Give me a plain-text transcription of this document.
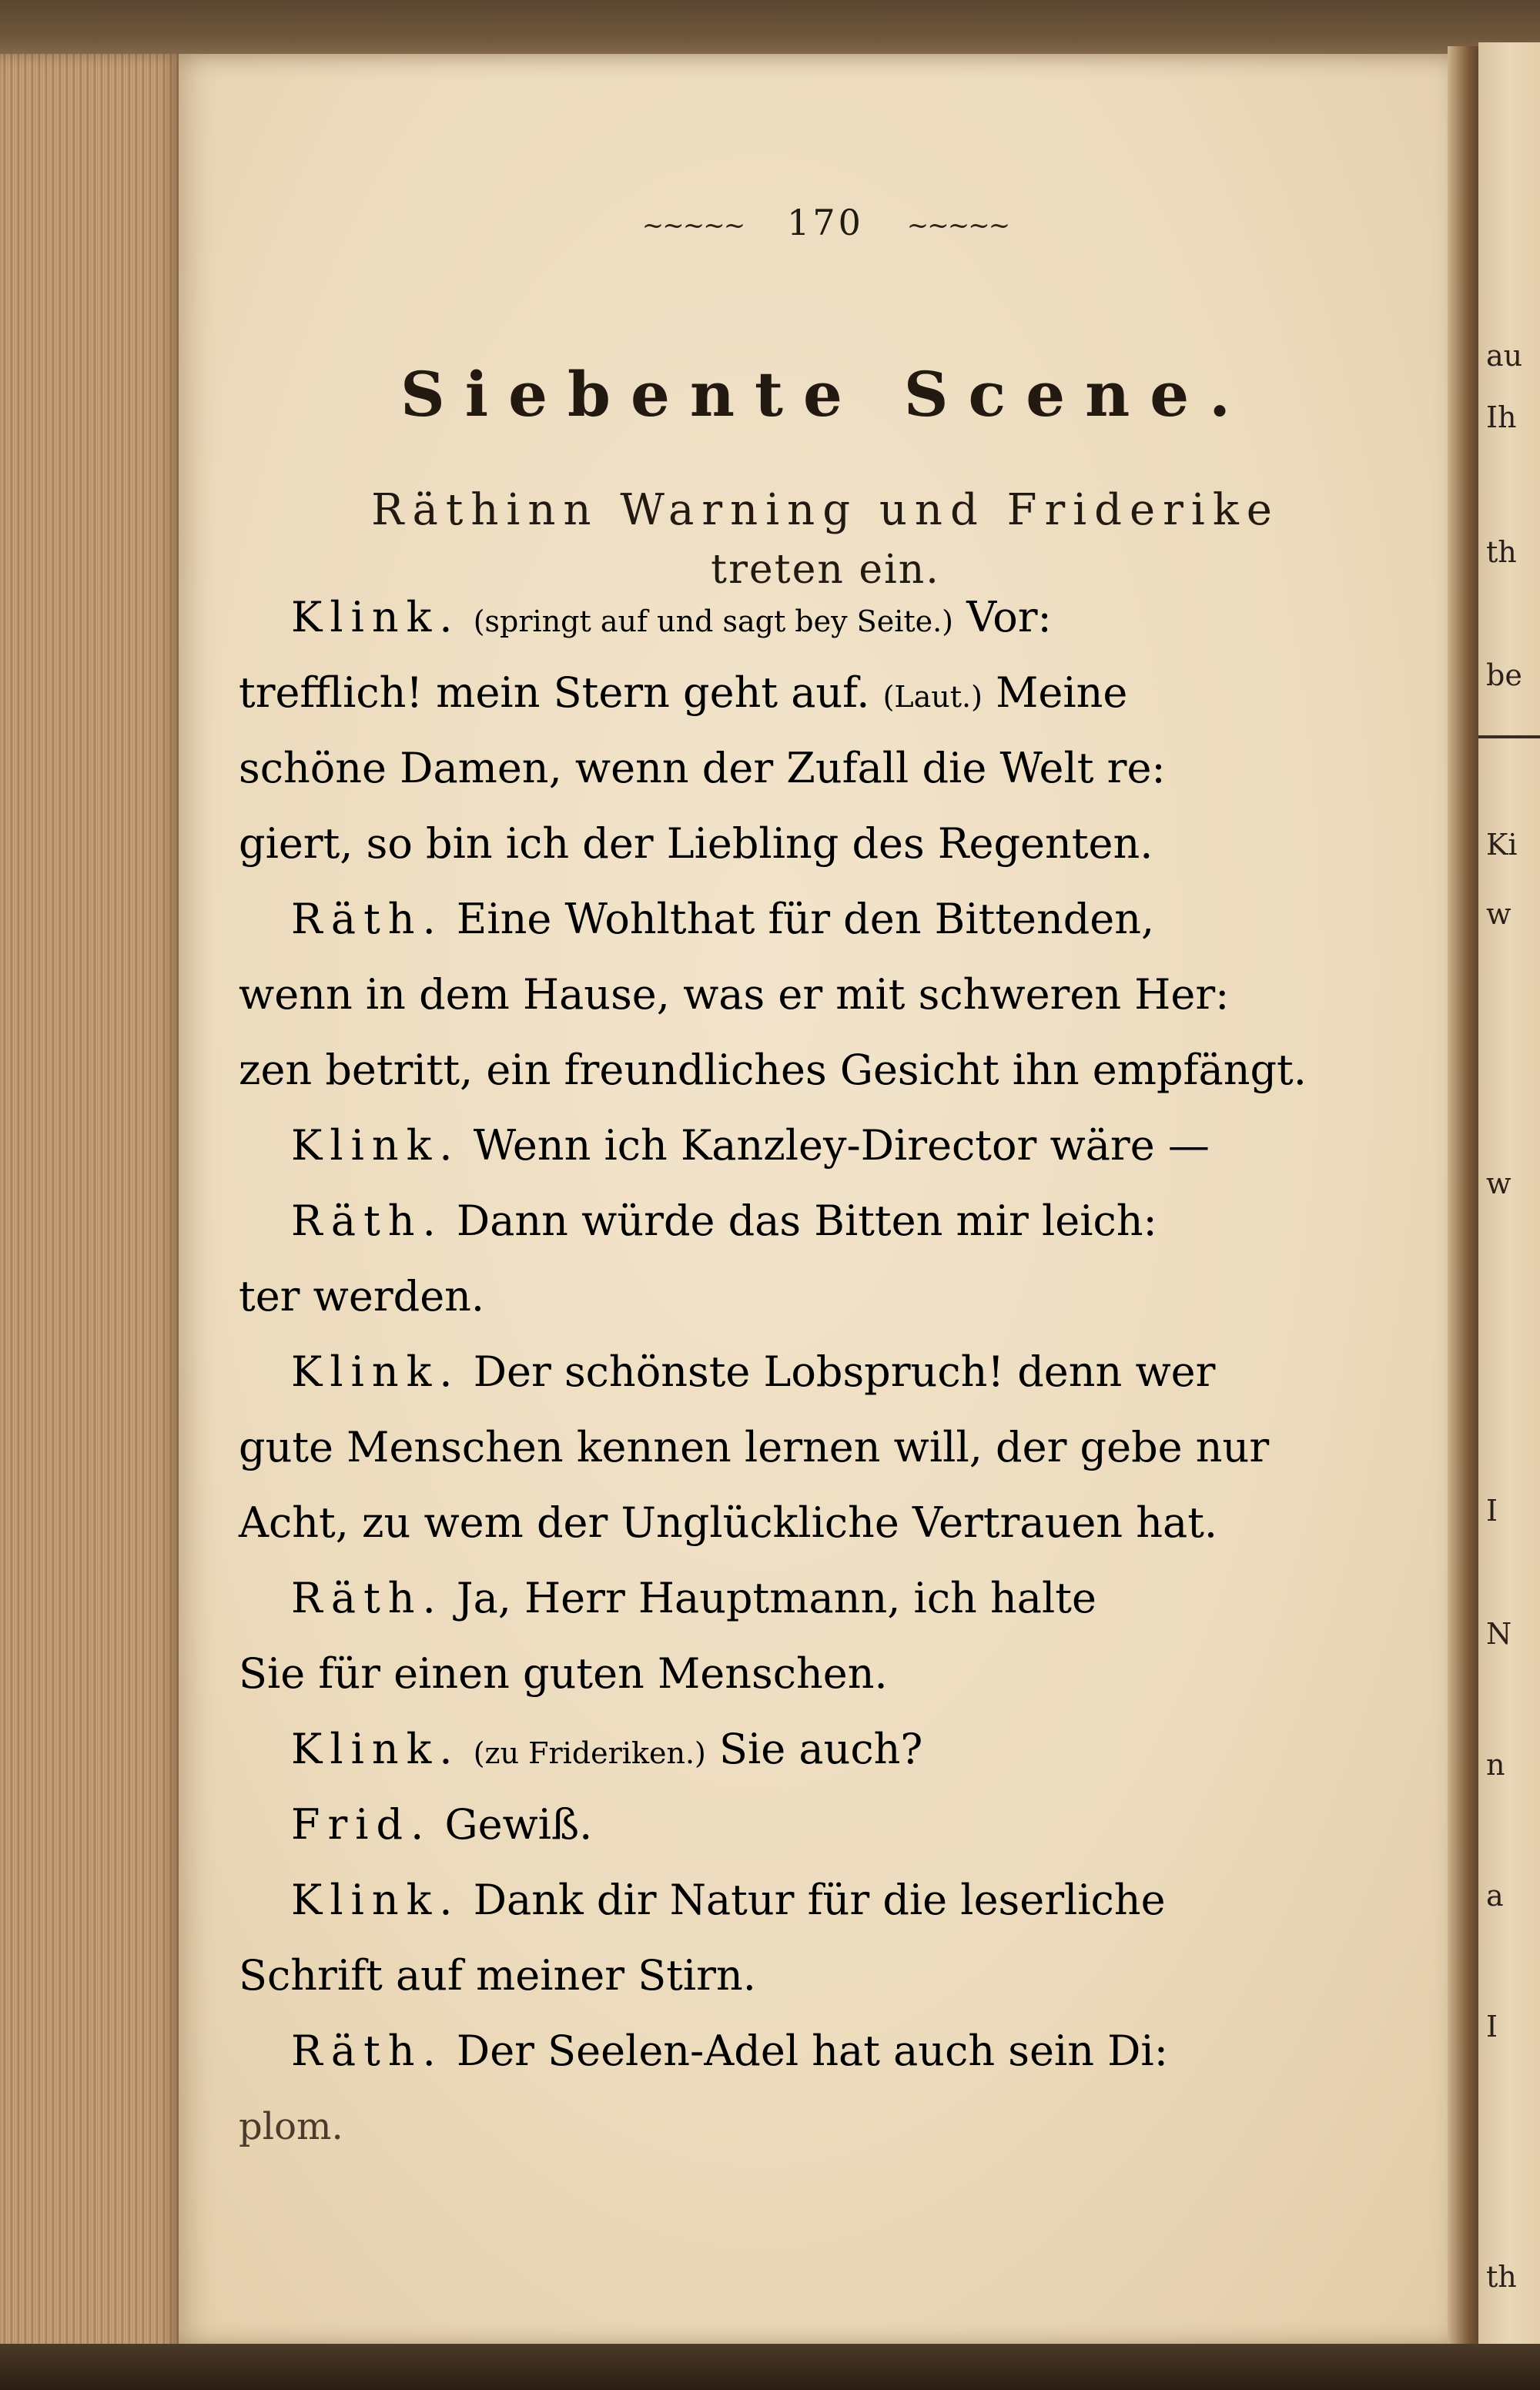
au
Ih
th
be
Ki
w
w
I
N
n
a
I
th
~~~~~ 170 ~~~~~
Siebente Scene.
Räthinn Warning und Friderike
treten ein.
Klink. (springt auf und sagt bey Seite.) Vor:
trefflich! mein Stern geht auf. (Laut.) Meine
schöne Damen, wenn der Zufall die Welt re:
giert, so bin ich der Liebling des Regenten.
Räth. Eine Wohlthat für den Bittenden,
wenn in dem Hause, was er mit schweren Her:
zen betritt, ein freundliches Gesicht ihn empfängt.
Klink. Wenn ich Kanzley-Director wäre —
Räth. Dann würde das Bitten mir leich:
ter werden.
Klink. Der schönste Lobspruch! denn wer
gute Menschen kennen lernen will, der gebe nur
Acht, zu wem der Unglückliche Vertrauen hat.
Räth. Ja, Herr Hauptmann, ich halte
Sie für einen guten Menschen.
Klink. (zu Frideriken.) Sie auch?
Frid. Gewiß.
Klink. Dank dir Natur für die leserliche
Schrift auf meiner Stirn.
Räth. Der Seelen-Adel hat auch sein Di:
plom.
